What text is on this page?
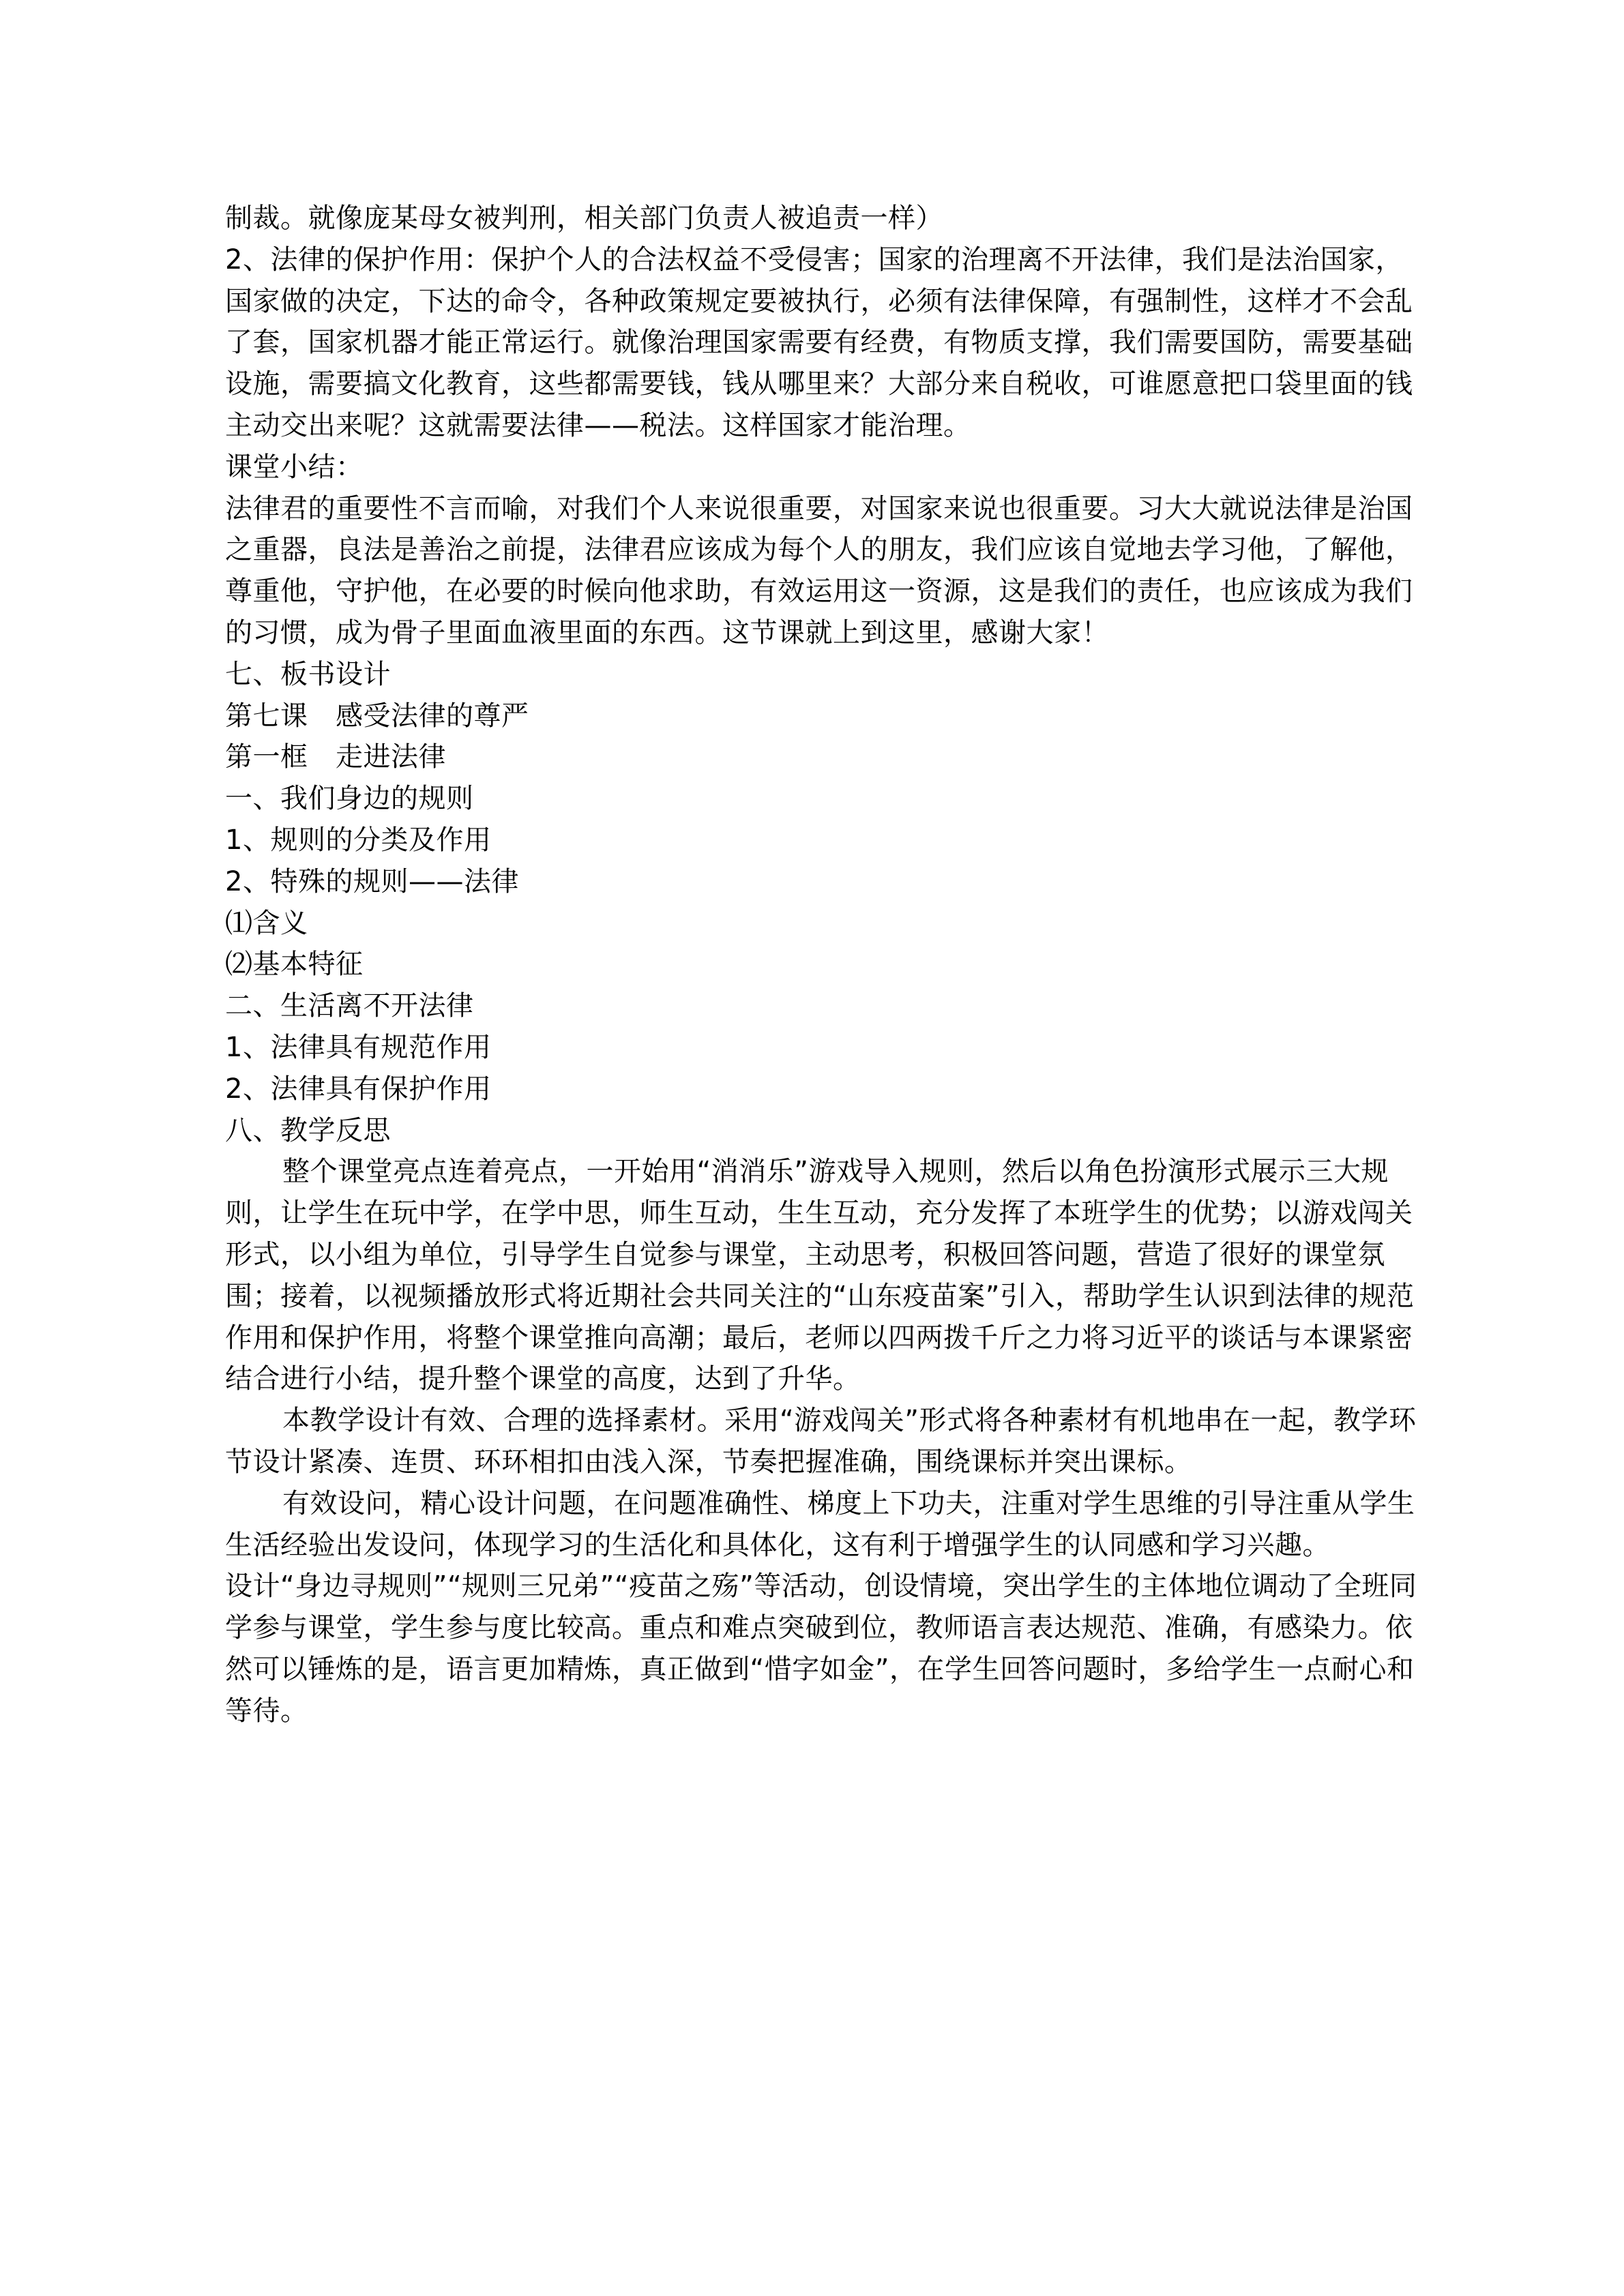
制裁。就像庞某母女被判刑，相关部门负责人被追责一样）

2、法律的保护作用：保护个人的合法权益不受侵害；国家的治理离不开法律，我们是法治国家，国家做的决定，下达的命令，各种政策规定要被执行，必须有法律保障，有强制性，这样才不会乱了套，国家机器才能正常运行。就像治理国家需要有经费，有物质支撑，我们需要国防，需要基础设施，需要搞文化教育，这些都需要钱，钱从哪里来？大部分来自税收，可谁愿意把口袋里面的钱主动交出来呢？这就需要法律——税法。这样国家才能治理。

课堂小结：

法律君的重要性不言而喻，对我们个人来说很重要，对国家来说也很重要。习大大就说法律是治国之重器，良法是善治之前提，法律君应该成为每个人的朋友，我们应该自觉地去学习他，了解他，尊重他，守护他，在必要的时候向他求助，有效运用这一资源，这是我们的责任，也应该成为我们的习惯，成为骨子里面血液里面的东西。这节课就上到这里，感谢大家！

七、板书设计

第七课　感受法律的尊严

第一框　走进法律

一、我们身边的规则

1、规则的分类及作用

2、特殊的规则——法律

⑴含义

⑵基本特征

二、生活离不开法律

1、法律具有规范作用

2、法律具有保护作用

八、教学反思

整个课堂亮点连着亮点，一开始用“消消乐”游戏导入规则，然后以角色扮演形式展示三大规则，让学生在玩中学，在学中思，师生互动，生生互动，充分发挥了本班学生的优势；以游戏闯关形式，以小组为单位，引导学生自觉参与课堂，主动思考，积极回答问题，营造了很好的课堂氛围；接着，以视频播放形式将近期社会共同关注的“山东疫苗案”引入，帮助学生认识到法律的规范作用和保护作用，将整个课堂推向高潮；最后，老师以四两拨千斤之力将习近平的谈话与本课紧密结合进行小结，提升整个课堂的高度，达到了升华。

本教学设计有效、合理的选择素材。采用“游戏闯关”形式将各种素材有机地串在一起，教学环节设计紧凑、连贯、环环相扣由浅入深，节奏把握准确，围绕课标并突出课标。

有效设问，精心设计问题，在问题准确性、梯度上下功夫，注重对学生思维的引导注重从学生生活经验出发设问，体现学习的生活化和具体化，这有利于增强学生的认同感和学习兴趣。

设计“身边寻规则”“规则三兄弟”“疫苗之殇”等活动，创设情境，突出学生的主体地位调动了全班同学参与课堂，学生参与度比较高。重点和难点突破到位，教师语言表达规范、准确，有感染力。依然可以锤炼的是，语言更加精炼，真正做到“惜字如金”，在学生回答问题时，多给学生一点耐心和等待。
